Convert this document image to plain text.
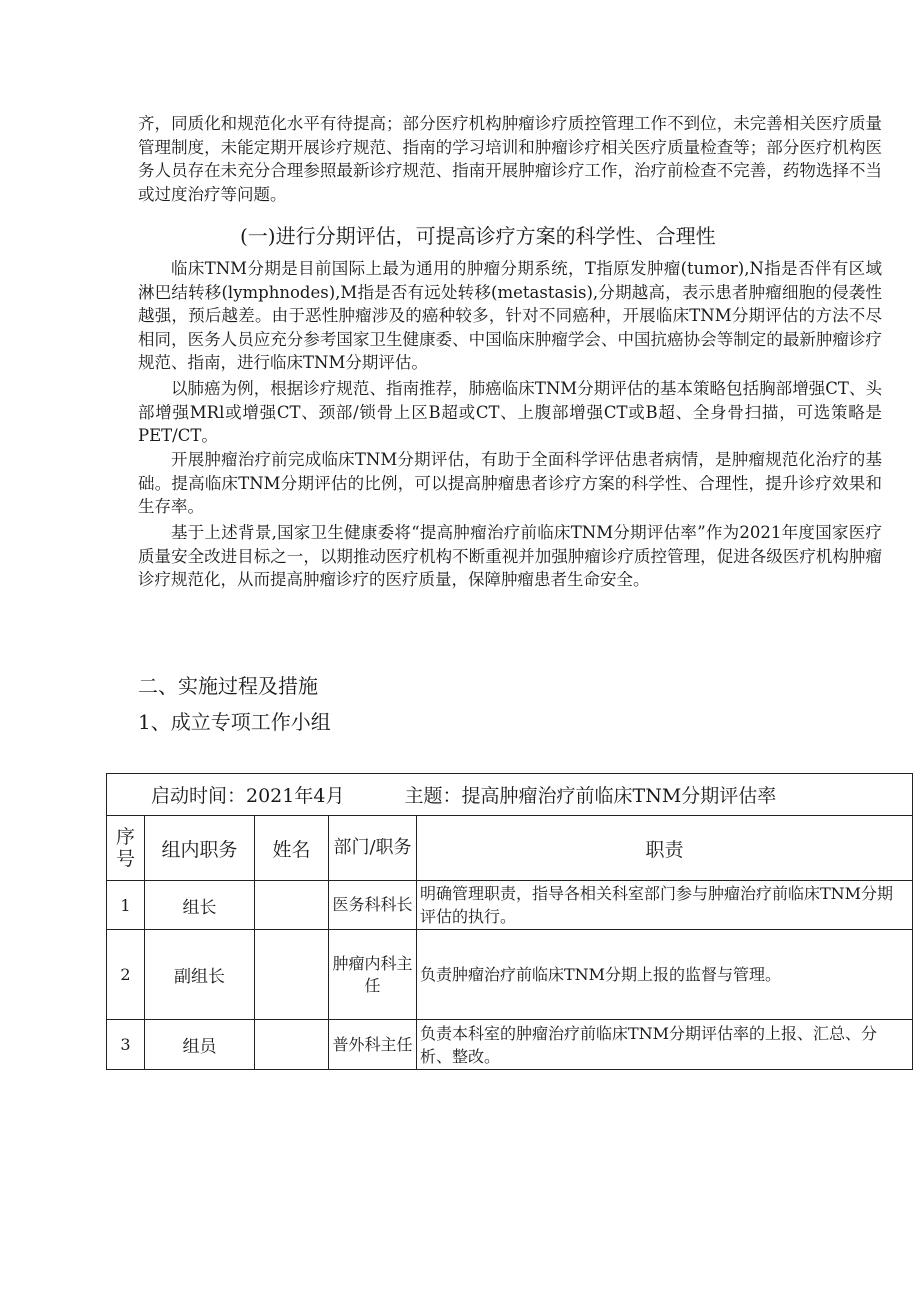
齐，同质化和规范化水平有待提高；部分医疗机构肿瘤诊疗质控管理工作不到位，未完善相关医疗质量管理制度，未能定期开展诊疗规范、指南的学习培训和肿瘤诊疗相关医疗质量检查等；部分医疗机构医务人员存在未充分合理参照最新诊疗规范、指南开展肿瘤诊疗工作，治疗前检查不完善，药物选择不当或过度治疗等问题。

(一)进行分期评估，可提高诊疗方案的科学性、合理性

临床TNM分期是目前国际上最为通用的肿瘤分期系统，T指原发肿瘤(tumor),N指是否伴有区域淋巴结转移(lymphnodes),M指是否有远处转移(metastasis),分期越高，表示患者肿瘤细胞的侵袭性越强，预后越差。由于恶性肿瘤涉及的癌种较多，针对不同癌种，开展临床TNM分期评估的方法不尽相同，医务人员应充分参考国家卫生健康委、中国临床肿瘤学会、中国抗癌协会等制定的最新肿瘤诊疗规范、指南，进行临床TNM分期评估。

以肺癌为例，根据诊疗规范、指南推荐，肺癌临床TNM分期评估的基本策略包括胸部增强CT、头部增强MRl或增强CT、颈部/锁骨上区B超或CT、上腹部增强CT或B超、全身骨扫描，可选策略是PET/CT。

开展肿瘤治疗前完成临床TNM分期评估，有助于全面科学评估患者病情，是肿瘤规范化治疗的基础。提高临床TNM分期评估的比例，可以提高肿瘤患者诊疗方案的科学性、合理性，提升诊疗效果和生存率。

基于上述背景,国家卫生健康委将“提高肿瘤治疗前临床TNM分期评估率”作为2021年度国家医疗质量安全改进目标之一，以期推动医疗机构不断重视并加强肿瘤诊疗质控管理，促进各级医疗机构肿瘤诊疗规范化，从而提高肿瘤诊疗的医疗质量，保障肿瘤患者生命安全。

二、实施过程及措施

1、成立专项工作小组

启动时间：2021年4月 主题：提高肿瘤治疗前临床TNM分期评估率				
序号	组内职务	姓名	部门/职务	职责
1	组长		医务科科长	明确管理职责，指导各相关科室部门参与肿瘤治疗前临床TNM分期评估的执行。
2	副组长		肿瘤内科主任	负责肿瘤治疗前临床TNM分期上报的监督与管理。
3	组员		普外科主任	负责本科室的肿瘤治疗前临床TNM分期评估率的上报、汇总、分析、整改。
